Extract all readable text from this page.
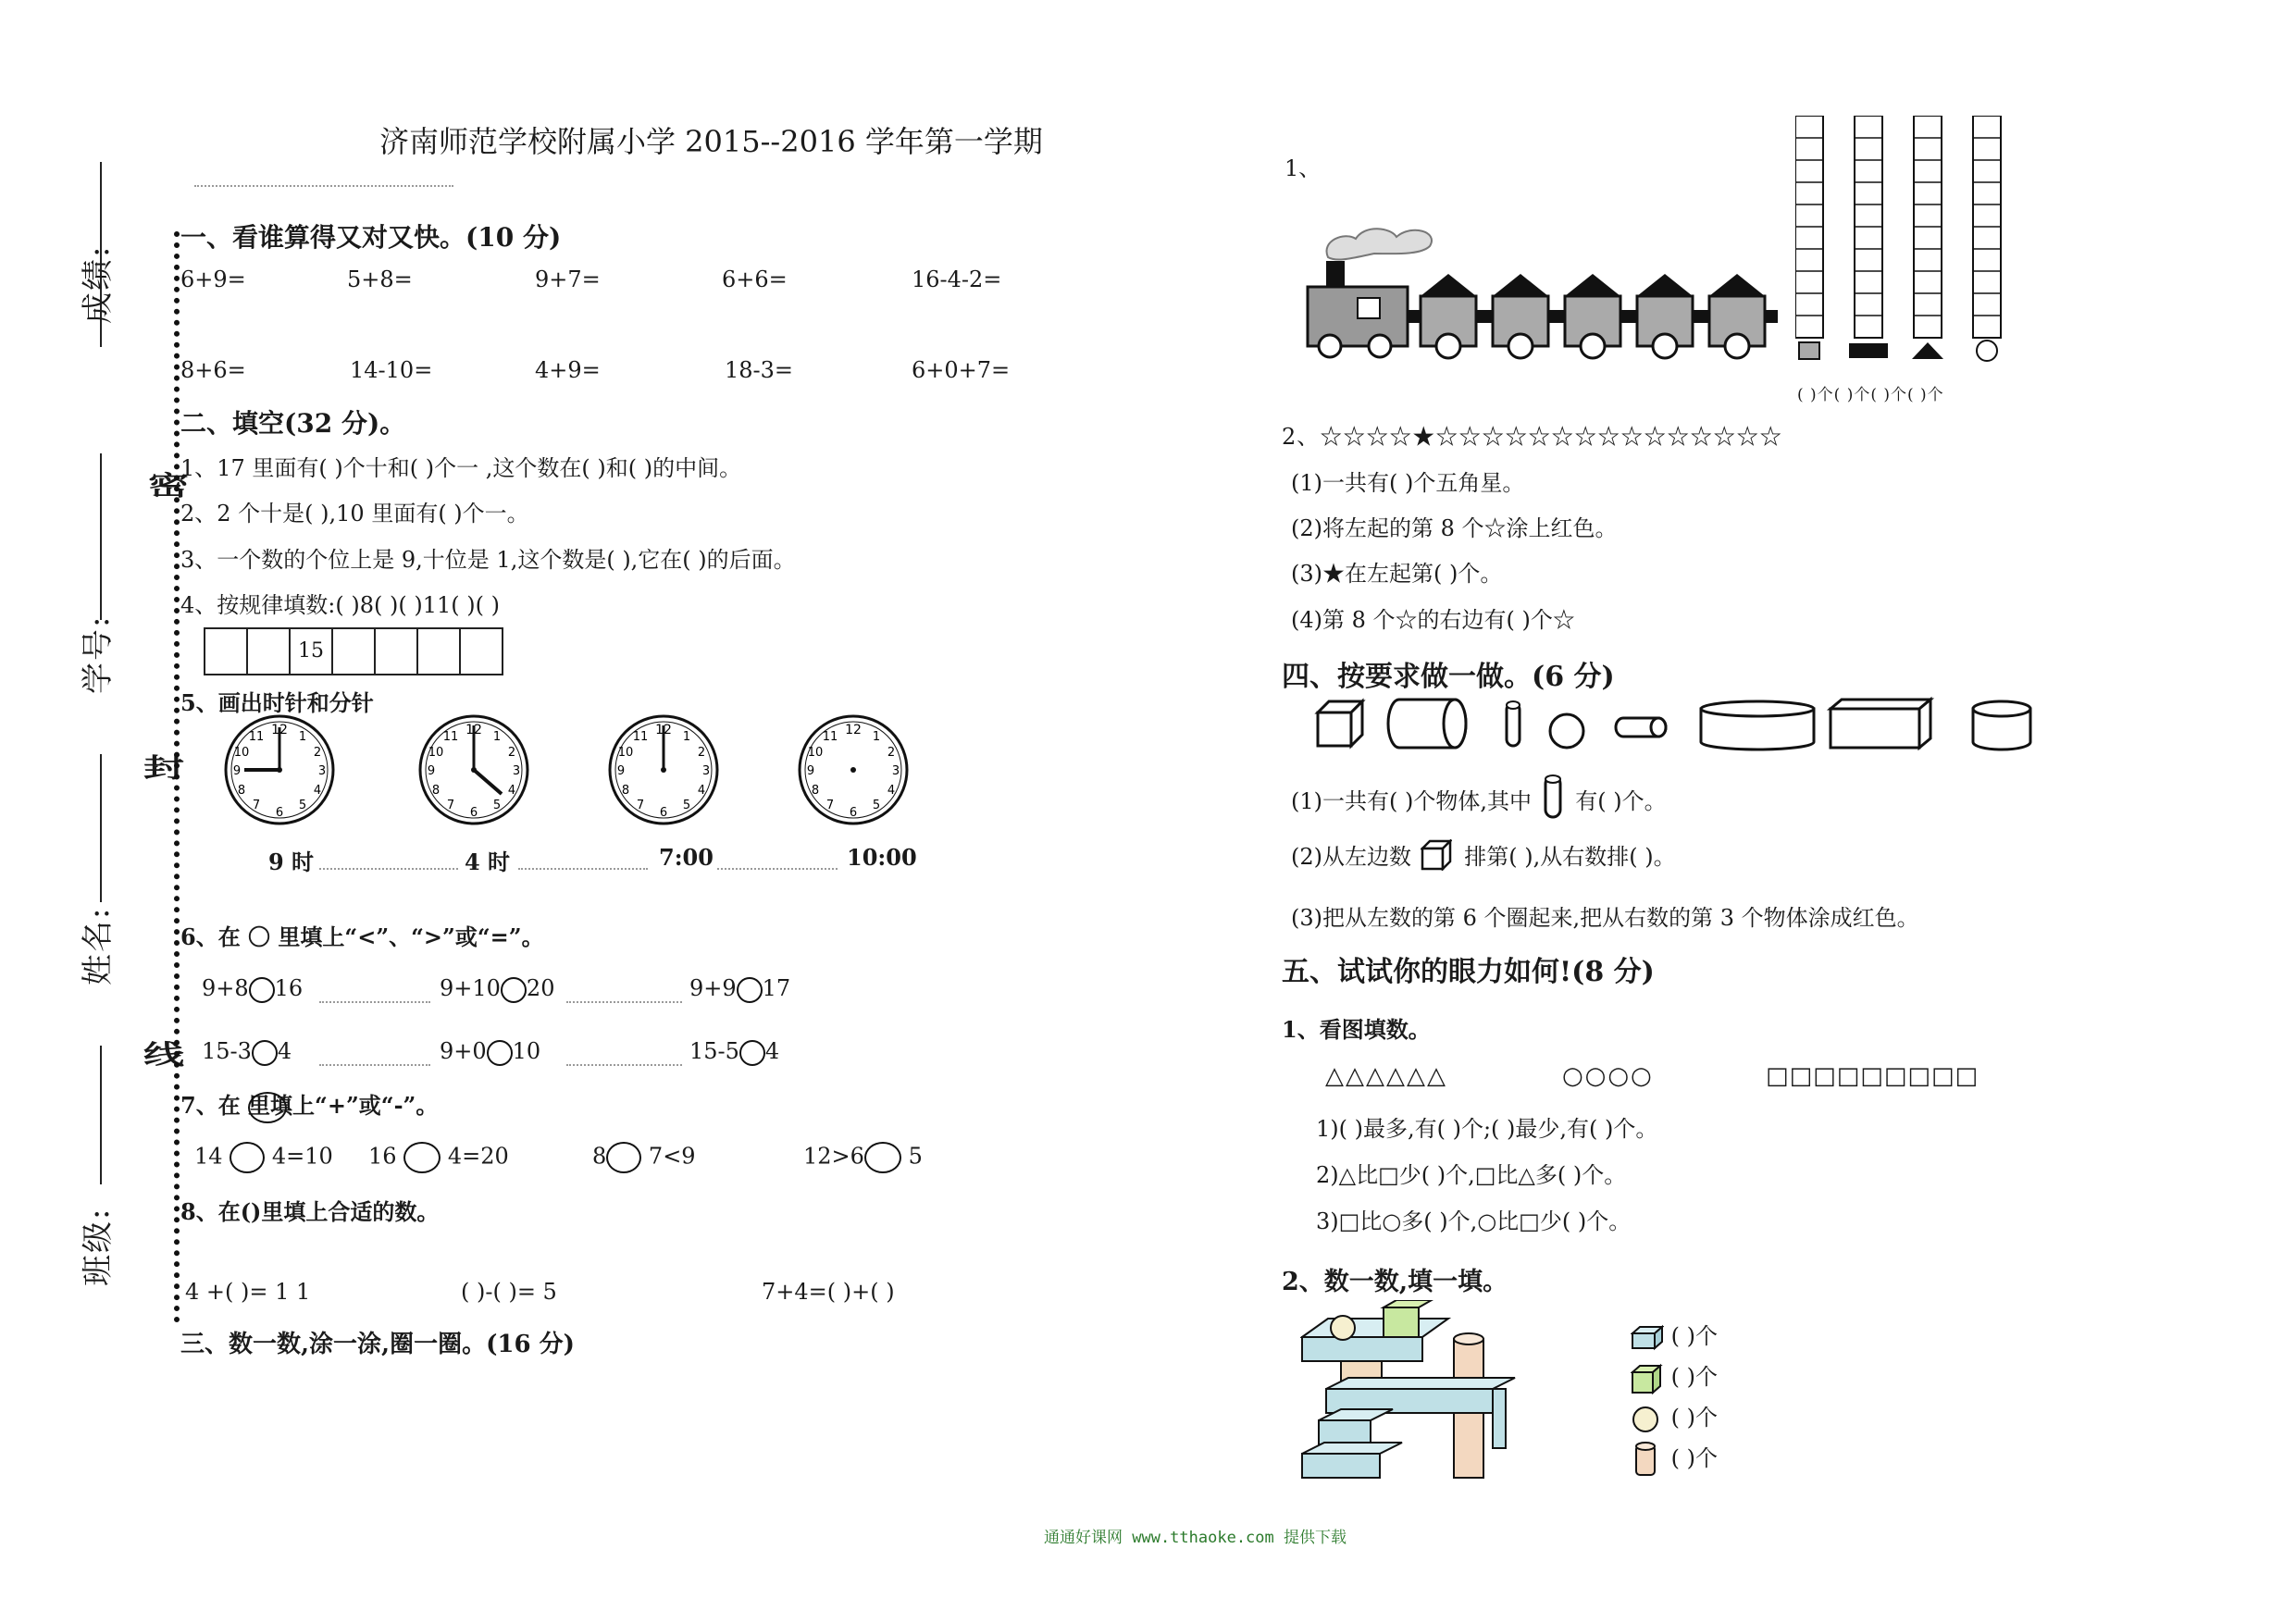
成绩:
学号:
姓名:
班级:
密
封
线
济南师范学校附属小学 2015--2016 学年第一学期
一、看谁算得又对又快。(10 分)
6+9=	5+8=	9+7=	6+6=	16-4-2=
8+6=	14-10=	4+9=	18-3=	6+0+7=
二、填空(32 分)。
1、17 里面有( )个十和( )个一 ,这个数在( )和( )的中间。
2、2 个十是( ),10 里面有( )个一。
3、一个数的个位上是 9,十位是 1,这个数是( ),它在( )的后面。
4、按规律填数:( )8( )( )11( )( )
15
5、画出时针和分针
9 时	4 时	7:00	10:00
6、在 〇 里填上“<”、“>”或“=”。
9+8 16	9+10 20	9+9 17
15-3 4	9+0 10	15-5 4
7、在 里填上“+”或“-”。
14 4=10 16 4=20	8 7<9	12>6 5
8、在()里填上合适的数。
4 +( )= 1 1	( )-( )= 5	7+4=( )+( )
三、数一数,涂一涂,圈一圈。(16 分)
1、
( )个( )个( )个( )个
2、☆☆☆☆★☆☆☆☆☆☆☆☆☆☆☆☆☆☆☆
(1)一共有( )个五角星。
(2)将左起的第 8 个☆涂上红色。
(3)★在左起第( )个。
(4)第 8 个☆的右边有( )个☆
四、按要求做一做。(6 分)
(1)一共有( )个物体,其中 有( )个。
(2)从左边数 排第( ),从右数排( )。
(3)把从左数的第 6 个圈起来,把从右数的第 3 个物体涂成红色。
五、试试你的眼力如何!(8 分)
1、看图填数。
△△△△△△	○○○○	□□□□□□□□□
1)( )最多,有( )个;( )最少,有( )个。
2)△比□少( )个,□比△多( )个。
3)□比○多( )个,○比□少( )个。
2、数一数,填一填。
( )个
( )个
( )个
( )个
通通好课网 www.tthaoke.com 提供下载
